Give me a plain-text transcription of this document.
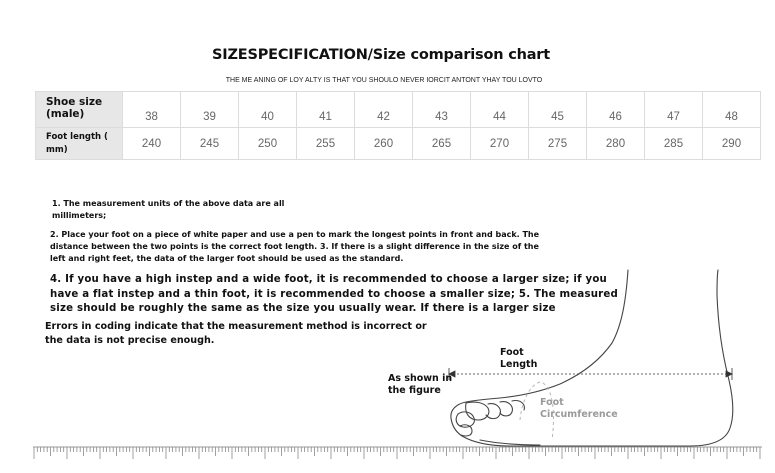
SIZESPECIFICATION/Size comparison chart
THE ME ANING OF LOY ALTY IS THAT YOU SHOULO NEVER IORCIT ANTONT YHAY TOU LOVTO
Shoe size (male)	38	39	40	41	42	43	44	45	46	47	48
Foot length ( mm)	240	245	250	255	260	265	270	275	280	285	290
1. The measurement units of the above data are all
millimeters;
2. Place your foot on a piece of white paper and use a pen to mark the longest points in front and back. The
distance between the two points is the correct foot length. 3. If there is a slight difference in the size of the
left and right feet, the data of the larger foot should be used as the standard.
4. If you have a high instep and a wide foot, it is recommended to choose a larger size; if you
have a flat instep and a thin foot, it is recommended to choose a smaller size; 5. The measured
size should be roughly the same as the size you usually wear. If there is a larger size
Errors in coding indicate that the measurement method is incorrect or
the data is not precise enough.
Foot
Length
As shown in
the figure
Foot
Circumference
